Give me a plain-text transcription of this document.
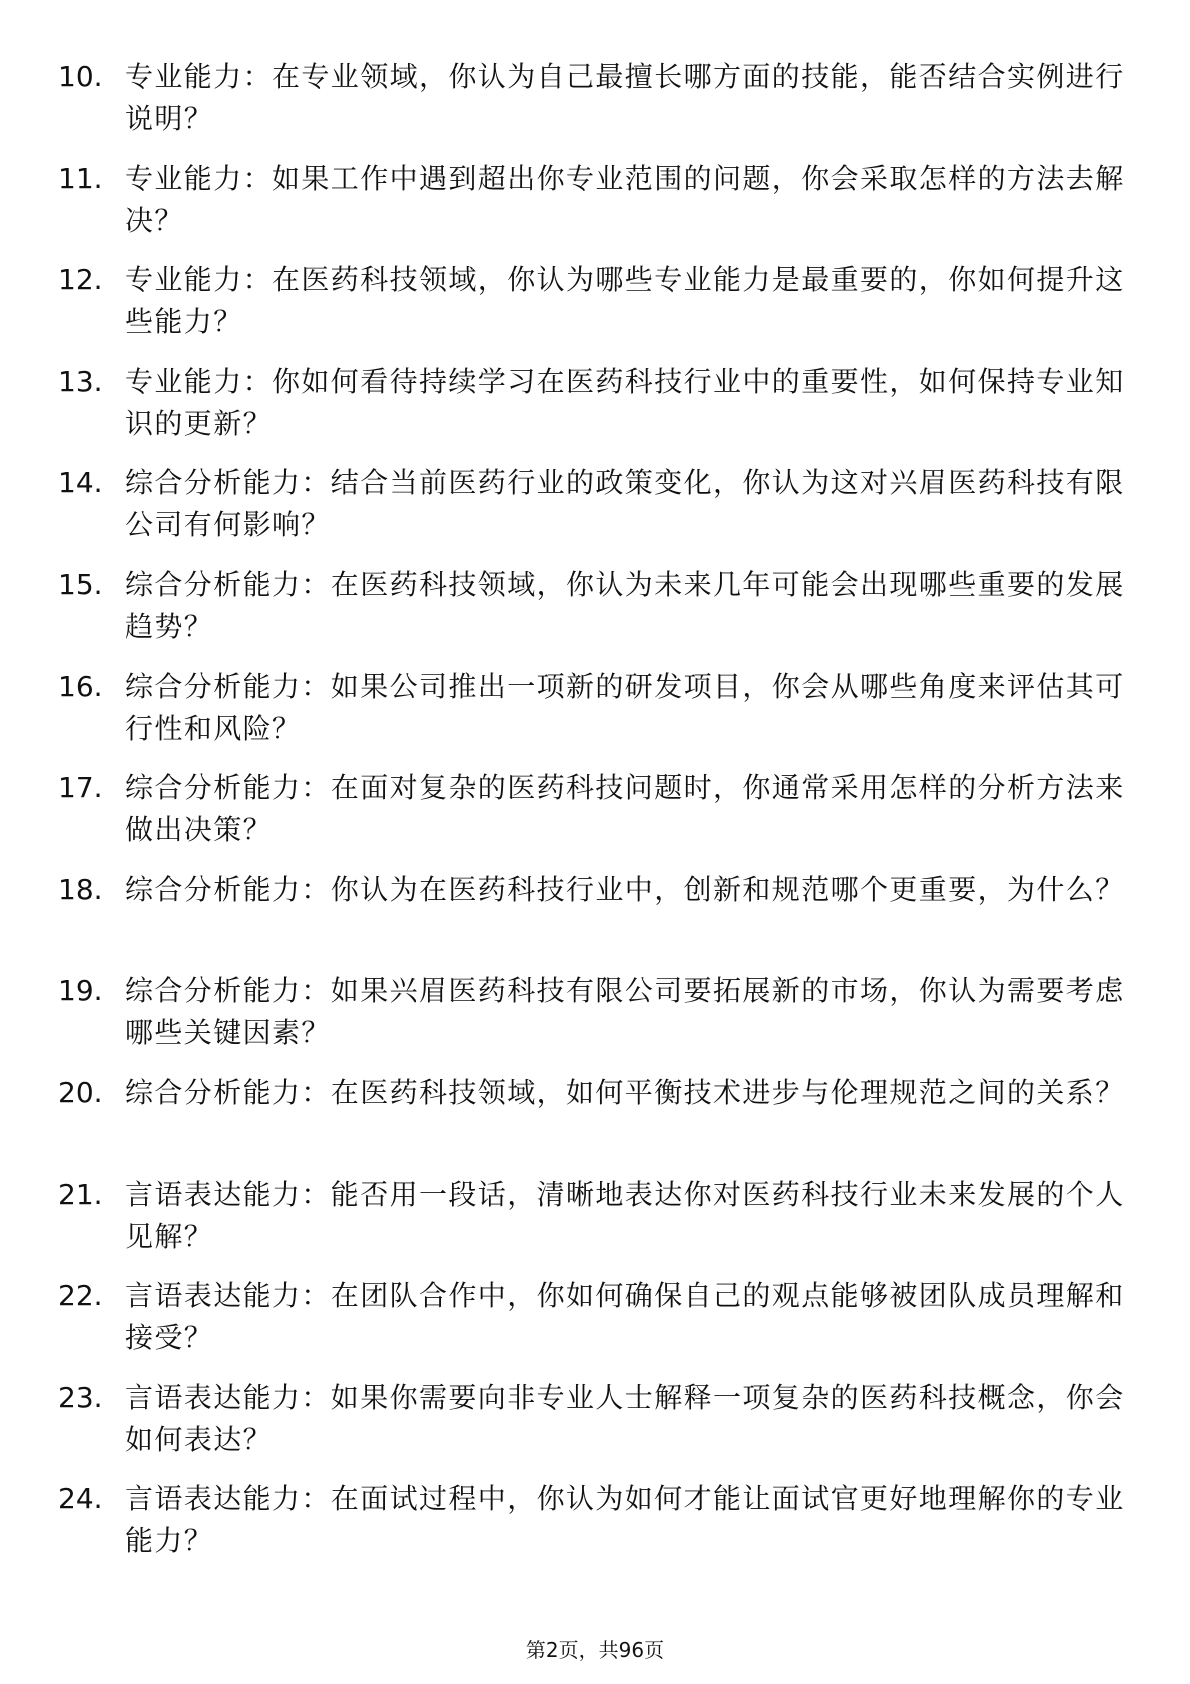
10. 专业能力：在专业领域，你认为自己最擅长哪方面的技能，能否结合实例进行说明？
11. 专业能力：如果工作中遇到超出你专业范围的问题，你会采取怎样的方法去解决？
12. 专业能力：在医药科技领域，你认为哪些专业能力是最重要的，你如何提升这些能力？
13. 专业能力：你如何看待持续学习在医药科技行业中的重要性，如何保持专业知识的更新？
14. 综合分析能力：结合当前医药行业的政策变化，你认为这对兴眉医药科技有限公司有何影响？
15. 综合分析能力：在医药科技领域，你认为未来几年可能会出现哪些重要的发展趋势？
16. 综合分析能力：如果公司推出一项新的研发项目，你会从哪些角度来评估其可行性和风险？
17. 综合分析能力：在面对复杂的医药科技问题时，你通常采用怎样的分析方法来做出决策？
18. 综合分析能力：你认为在医药科技行业中，创新和规范哪个更重要，为什么？
19. 综合分析能力：如果兴眉医药科技有限公司要拓展新的市场，你认为需要考虑哪些关键因素？
20. 综合分析能力：在医药科技领域，如何平衡技术进步与伦理规范之间的关系？
21. 言语表达能力：能否用一段话，清晰地表达你对医药科技行业未来发展的个人见解？
22. 言语表达能力：在团队合作中，你如何确保自己的观点能够被团队成员理解和接受？
23. 言语表达能力：如果你需要向非专业人士解释一项复杂的医药科技概念，你会如何表达？
24. 言语表达能力：在面试过程中，你认为如何才能让面试官更好地理解你的专业能力？
第2页，共96页
